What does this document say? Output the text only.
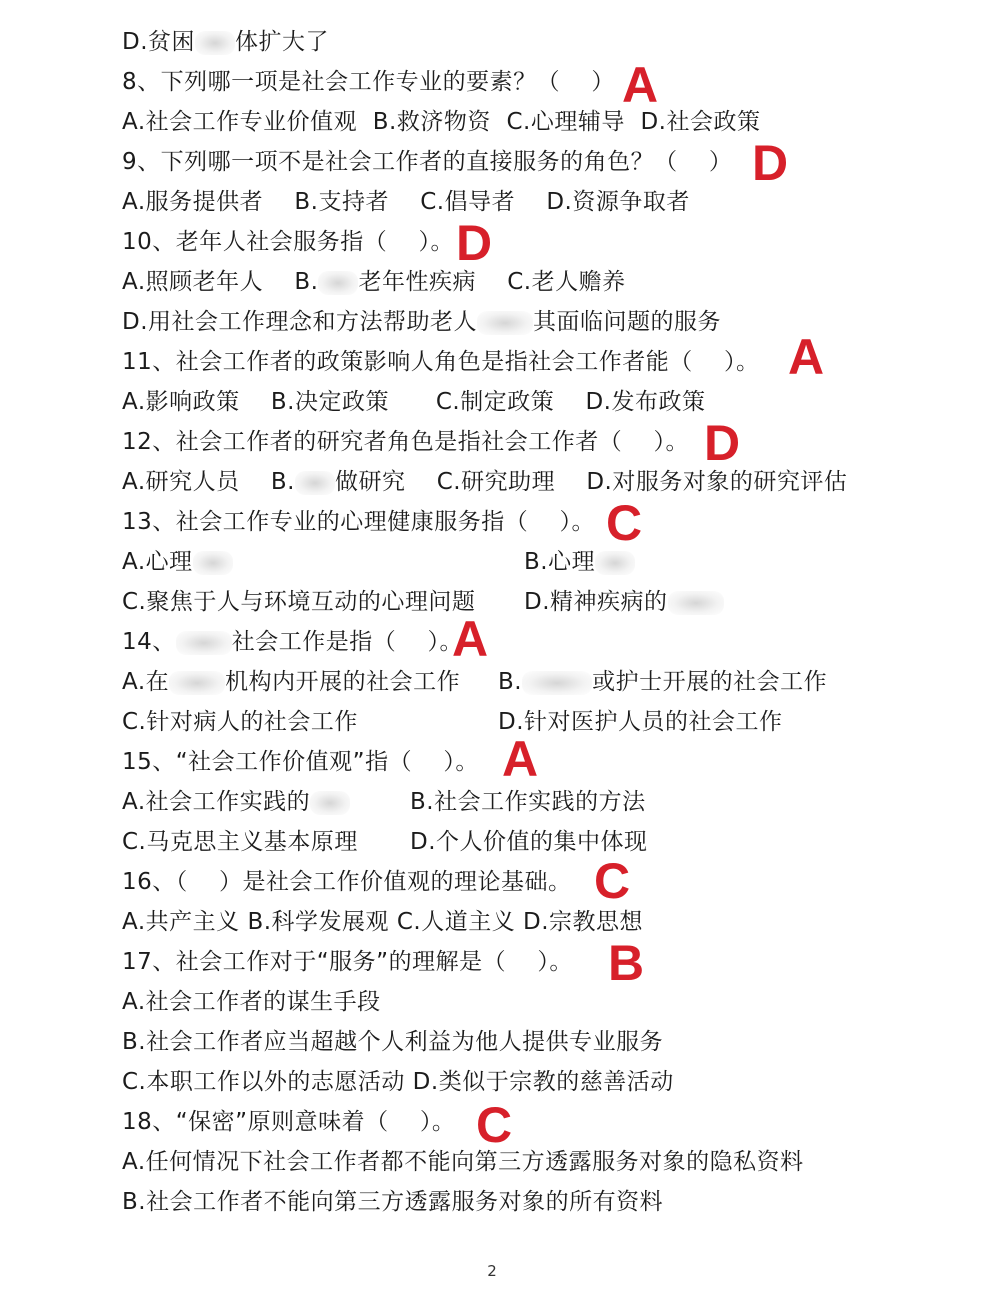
D.贫困 体扩大了
8、下列哪一项是社会工作专业的要素？（    ） A
A.社会工作专业价值观  B.救济物资  C.心理辅导  D.社会政策
9、下列哪一项不是社会工作者的直接服务的角色？（    ） D
A.服务提供者    B.支持者    C.倡导者    D.资源争取者
10、老年人社会服务指（    ）。 D
A.照顾老年人    B. 老年性疾病    C.老人赡养
D.用社会工作理念和方法帮助老人 其面临问题的服务
11、社会工作者的政策影响人角色是指社会工作者能（    ）。 A
A.影响政策    B.决定政策      C.制定政策    D.发布政策
12、社会工作者的研究者角色是指社会工作者（    ）。 D
A.研究人员    B. 做研究    C.研究助理    D.对服务对象的研究评估
13、社会工作专业的心理健康服务指（    ）。 C
A.心理	B.心理
C.聚焦于人与环境互动的心理问题 D.精神疾病的
14、 社会工作是指（    ）。
A
A.在 机构内开展的社会工作 B.	或护士开展的社会工作
C.针对病人的社会工作	D.针对医护人员的社会工作
15、“社会工作价值观”指（    ）。 A
A.社会工作实践的	B.社会工作实践的方法
C.马克思主义基本原理 D.个人价值的集中体现
16、（    ）是社会工作价值观的理论基础。 C
A.共产主义 B.科学发展观 C.人道主义 D.宗教思想
17、社会工作对于“服务”的理解是（    ）。 B
A.社会工作者的谋生手段
B.社会工作者应当超越个人利益为他人提供专业服务
C.本职工作以外的志愿活动 D.类似于宗教的慈善活动
18、“保密”原则意味着（    ）。 C
A.任何情况下社会工作者都不能向第三方透露服务对象的隐私资料
B.社会工作者不能向第三方透露服务对象的所有资料
2
